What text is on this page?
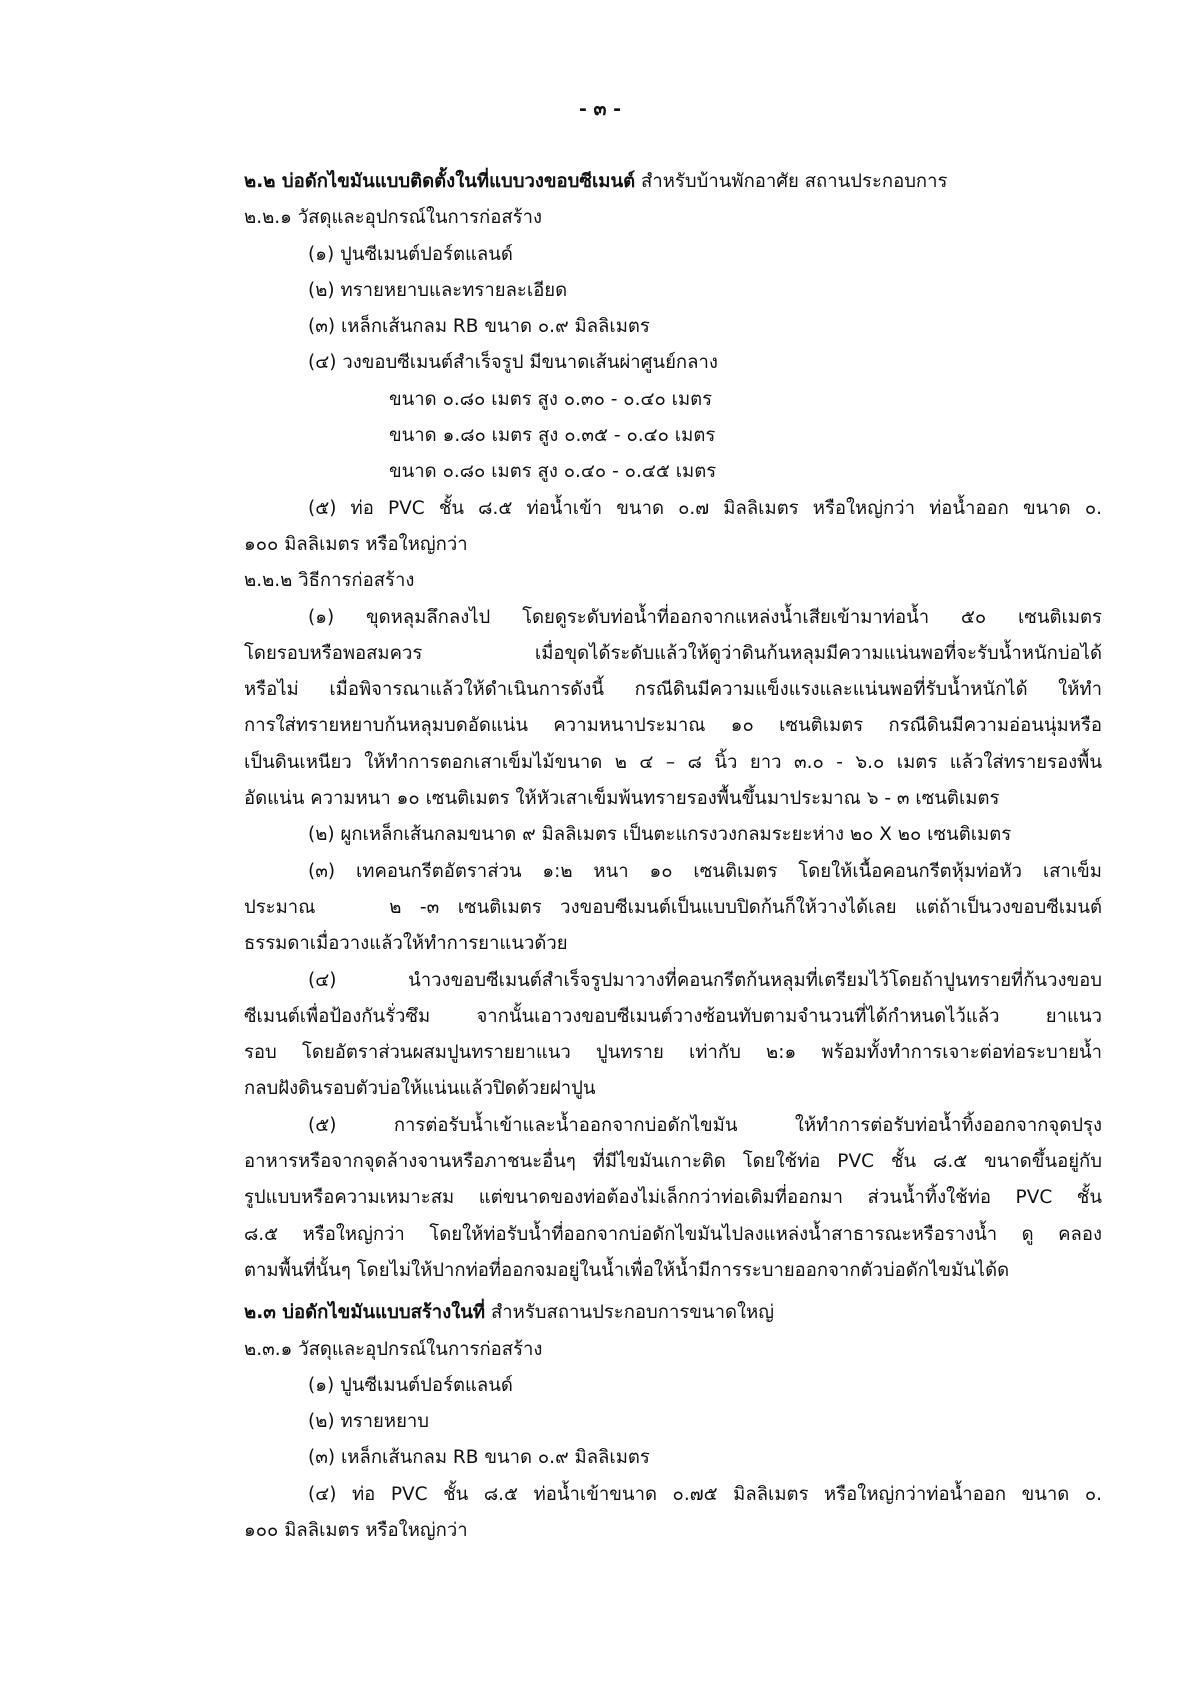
- ๓ -
๒.๒ บ่อดักไขมันแบบติดตั้งในที่แบบวงขอบซีเมนต์ สำหรับบ้านพักอาศัย สถานประกอบการ
๒.๒.๑ วัสดุและอุปกรณ์ในการก่อสร้าง
(๑) ปูนซีเมนต์ปอร์ตแลนด์
(๒) ทรายหยาบและทรายละเอียด
(๓) เหล็กเส้นกลม RB ขนาด ๐.๙ มิลลิเมตร
(๔) วงขอบซีเมนต์สำเร็จรูป มีขนาดเส้นผ่าศูนย์กลาง
ขนาด ๐.๘๐ เมตร สูง ๐.๓๐ - ๐.๔๐ เมตร
ขนาด ๑.๘๐ เมตร สูง ๐.๓๕ - ๐.๔๐ เมตร
ขนาด ๐.๘๐ เมตร สูง ๐.๔๐ - ๐.๔๕ เมตร
(๕) ท่อ PVC ชั้น ๘.๕ ท่อน้ำเข้า ขนาด ๐.๗ มิลลิเมตร หรือใหญ่กว่า ท่อน้ำออก ขนาด ๐.
๑๐๐ มิลลิเมตร หรือใหญ่กว่า
๒.๒.๒ วิธีการก่อสร้าง
(๑) ขุดหลุมลึกลงไป โดยดูระดับท่อน้ำที่ออกจากแหล่งน้ำเสียเข้ามาท่อน้ำ ๕๐ เซนติเมตร
โดยรอบหรือพอสมควร เมื่อขุดได้ระดับแล้วให้ดูว่าดินก้นหลุมมีความแน่นพอที่จะรับน้ำหนักบ่อได้
หรือไม่ เมื่อพิจารณาแล้วให้ดำเนินการดังนี้ กรณีดินมีความแข็งแรงและแน่นพอที่รับน้ำหนักได้ ให้ทำ
การใส่ทรายหยาบก้นหลุมบดอัดแน่น ความหนาประมาณ ๑๐ เซนติเมตร กรณีดินมีความอ่อนนุ่มหรือ
เป็นดินเหนียว ให้ทำการตอกเสาเข็มไม้ขนาด ๒ ๔ – ๘ นิ้ว ยาว ๓.๐ - ๖.๐ เมตร แล้วใส่ทรายรองพื้น
อัดแน่น ความหนา ๑๐ เซนติเมตร ให้หัวเสาเข็มพ้นทรายรองพื้นขึ้นมาประมาณ ๖ - ๓ เซนติเมตร
(๒) ผูกเหล็กเส้นกลมขนาด ๙ มิลลิเมตร เป็นตะแกรงวงกลมระยะห่าง ๒๐ X ๒๐ เซนติเมตร
(๓) เทคอนกรีตอัตราส่วน ๑:๒ หนา ๑๐ เซนติเมตร โดยให้เนื้อคอนกรีตหุ้มท่อหัว เสาเข็ม
ประมาณ    ๒ -๓ เซนติเมตร วงขอบซีเมนต์เป็นแบบปิดก้นก็ให้วางได้เลย แต่ถ้าเป็นวงขอบซีเมนต์
ธรรมดาเมื่อวางแล้วให้ทำการยาแนวด้วย
(๔) นำวงขอบซีเมนต์สำเร็จรูปมาวางที่คอนกรีตก้นหลุมที่เตรียมไว้โดยถ้าปูนทรายที่ก้นวงขอบ
ซีเมนต์เพื่อป้องกันรั่วซึม จากนั้นเอาวงขอบซีเมนต์วางซ้อนทับตามจำนวนที่ได้กำหนดไว้แล้ว ยาแนว
รอบ โดยอัตราส่วนผสมปูนทรายยาแนว ปูนทราย เท่ากับ ๒:๑ พร้อมทั้งทำการเจาะต่อท่อระบายน้ำ
กลบฝังดินรอบตัวบ่อให้แน่นแล้วปิดด้วยฝาปูน
(๕) การต่อรับน้ำเข้าและน้ำออกจากบ่อดักไขมัน ให้ทำการต่อรับท่อน้ำทิ้งออกจากจุดปรุง
อาหารหรือจากจุดล้างจานหรือภาชนะอื่นๆ ที่มีไขมันเกาะติด โดยใช้ท่อ PVC ชั้น ๘.๕ ขนาดขึ้นอยู่กับ
รูปแบบหรือความเหมาะสม แต่ขนาดของท่อต้องไม่เล็กกว่าท่อเดิมที่ออกมา ส่วนน้ำทิ้งใช้ท่อ PVC ชั้น
๘.๕ หรือใหญ่กว่า โดยให้ท่อรับน้ำที่ออกจากบ่อดักไขมันไปลงแหล่งน้ำสาธารณะหรือรางน้ำ ดู คลอง
ตามพื้นที่นั้นๆ โดยไม่ให้ปากท่อที่ออกจมอยู่ในน้ำเพื่อให้น้ำมีการระบายออกจากตัวบ่อดักไขมันได้ด
๒.๓ บ่อดักไขมันแบบสร้างในที่ สำหรับสถานประกอบการขนาดใหญ่
๒.๓.๑ วัสดุและอุปกรณ์ในการก่อสร้าง
(๑) ปูนซีเมนต์ปอร์ตแลนด์
(๒) ทรายหยาบ
(๓) เหล็กเส้นกลม RB ขนาด ๐.๙ มิลลิเมตร
(๔) ท่อ PVC ชั้น ๘.๕ ท่อน้ำเข้าขนาด ๐.๗๕ มิลลิเมตร หรือใหญ่กว่าท่อน้ำออก ขนาด ๐.
๑๐๐ มิลลิเมตร หรือใหญ่กว่า
